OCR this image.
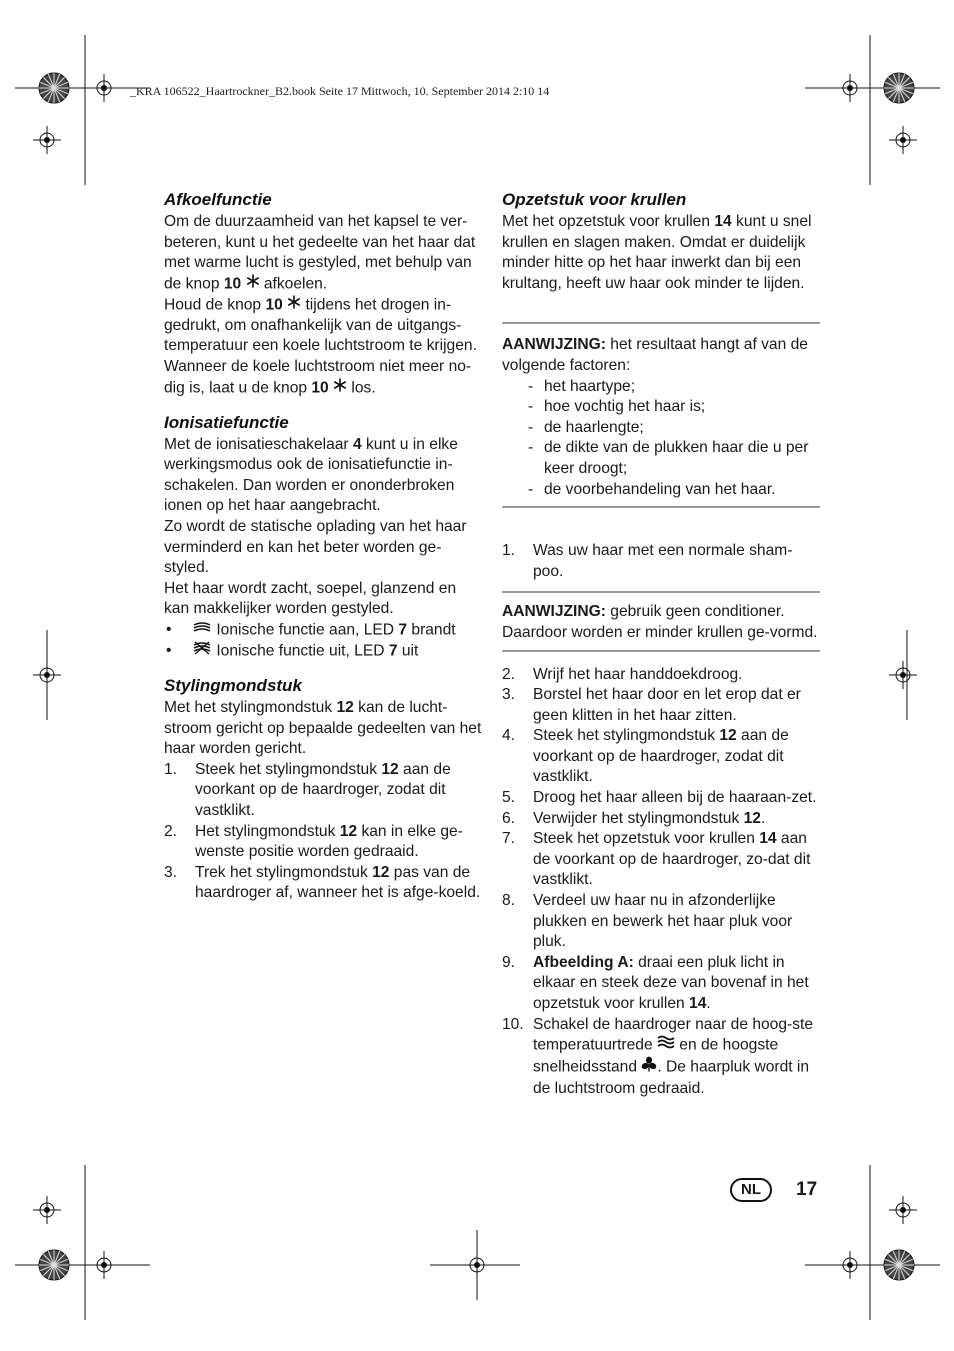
_KRA 106522_Haartrockner_B2.book Seite 17 Mittwoch, 10. September 2014 2:10 14
Afkoelfunctie

Om de duurzaamheid van het kapsel te ver-beteren, kunt u het gedeelte van het haar dat met warme lucht is gestyled, met behulp van de knop 10  afkoelen.

Houd de knop 10  tijdens het drogen in-gedrukt, om onafhankelijk van de uitgangs-temperatuur een koele luchtstroom te krijgen.

Wanneer de koele luchtstroom niet meer no-dig is, laat u de knop 10  los.

Ionisatiefunctie

Met de ionisatieschakelaar 4 kunt u in elke werkingsmodus ook de ionisatiefunctie in-schakelen. Dan worden er ononderbroken ionen op het haar aangebracht.

Zo wordt de statische oplading van het haar verminderd en kan het beter worden ge-styled.

Het haar wordt zacht, soepel, glanzend en kan makkelijker worden gestyled.

• Ionische functie aan, LED 7 brandt
• Ionische functie uit, LED 7 uit
Stylingmondstuk

Met het stylingmondstuk 12 kan de lucht-stroom gericht op bepaalde gedeelten van het haar worden gericht.

1. Steek het stylingmondstuk 12 aan de voorkant op de haardroger, zodat dit vastklikt.
2. Het stylingmondstuk 12 kan in elke ge-wenste positie worden gedraaid.
3. Trek het stylingmondstuk 12 pas van de haardroger af, wanneer het is afge-koeld.
Opzetstuk voor krullen

Met het opzetstuk voor krullen 14 kunt u snel krullen en slagen maken. Omdat er duidelijk minder hitte op het haar inwerkt dan bij een krultang, heeft uw haar ook minder te lijden.

AANWIJZING: het resultaat hangt af van de volgende factoren:

- het haartype;
- hoe vochtig het haar is;
- de haarlengte;
- de dikte van de plukken haar die u per keer droogt;
- de voorbehandeling van het haar.
1. Was uw haar met een normale sham-poo.

AANWIJZING: gebruik geen conditioner. Daardoor worden er minder krullen ge-vormd.

2. Wrijf het haar handdoekdroog.
3. Borstel het haar door en let erop dat er geen klitten in het haar zitten.
4. Steek het stylingmondstuk 12 aan de voorkant op de haardroger, zodat dit vastklikt.
5. Droog het haar alleen bij de haaraan-zet.
6. Verwijder het stylingmondstuk 12.
7. Steek het opzetstuk voor krullen 14 aan de voorkant op de haardroger, zo-dat dit vastklikt.
8. Verdeel uw haar nu in afzonderlijke plukken en bewerk het haar pluk voor pluk.
9. Afbeelding A: draai een pluk licht in elkaar en steek deze van bovenaf in het opzetstuk voor krullen 14.
10. Schakel de haardroger naar de hoog-ste temperatuurtrede  en de hoogste snelheidsstand . De haarpluk wordt in de luchtstroom gedraaid.
NL	17
